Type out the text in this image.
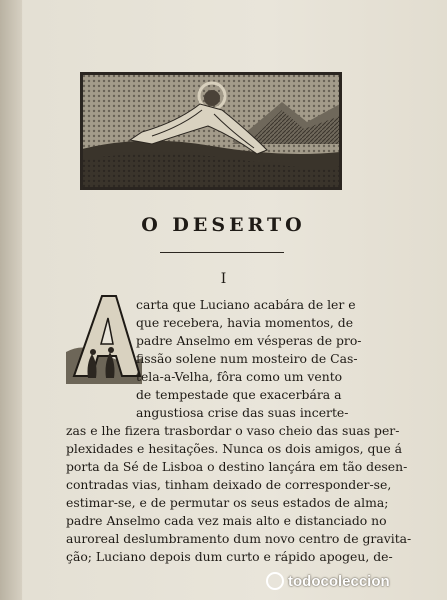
O DESERTO
I
carta que Luciano acabára de ler e
que recebera, havia momentos, de
padre Anselmo em vésperas de pro-
fissão solene num mosteiro de Cas-
tela-a-Velha, fôra como um vento
de tempestade que exacerbára a
angustiosa crise das suas incerte-
zas e lhe fizera trasbordar o vaso cheio das suas per-
plexidades e hesitações. Nunca os dois amigos, que á
porta da Sé de Lisboa o destino lançára em tão desen-
contradas vias, tinham deixado de corresponder-se,
estimar-se, e de permutar os seus estados de alma;
padre Anselmo cada vez mais alto e distanciado no
auroreal deslumbramento dum novo centro de gravita-
ção; Luciano depois dum curto e rápido apogeu, de-
todocoleccion
